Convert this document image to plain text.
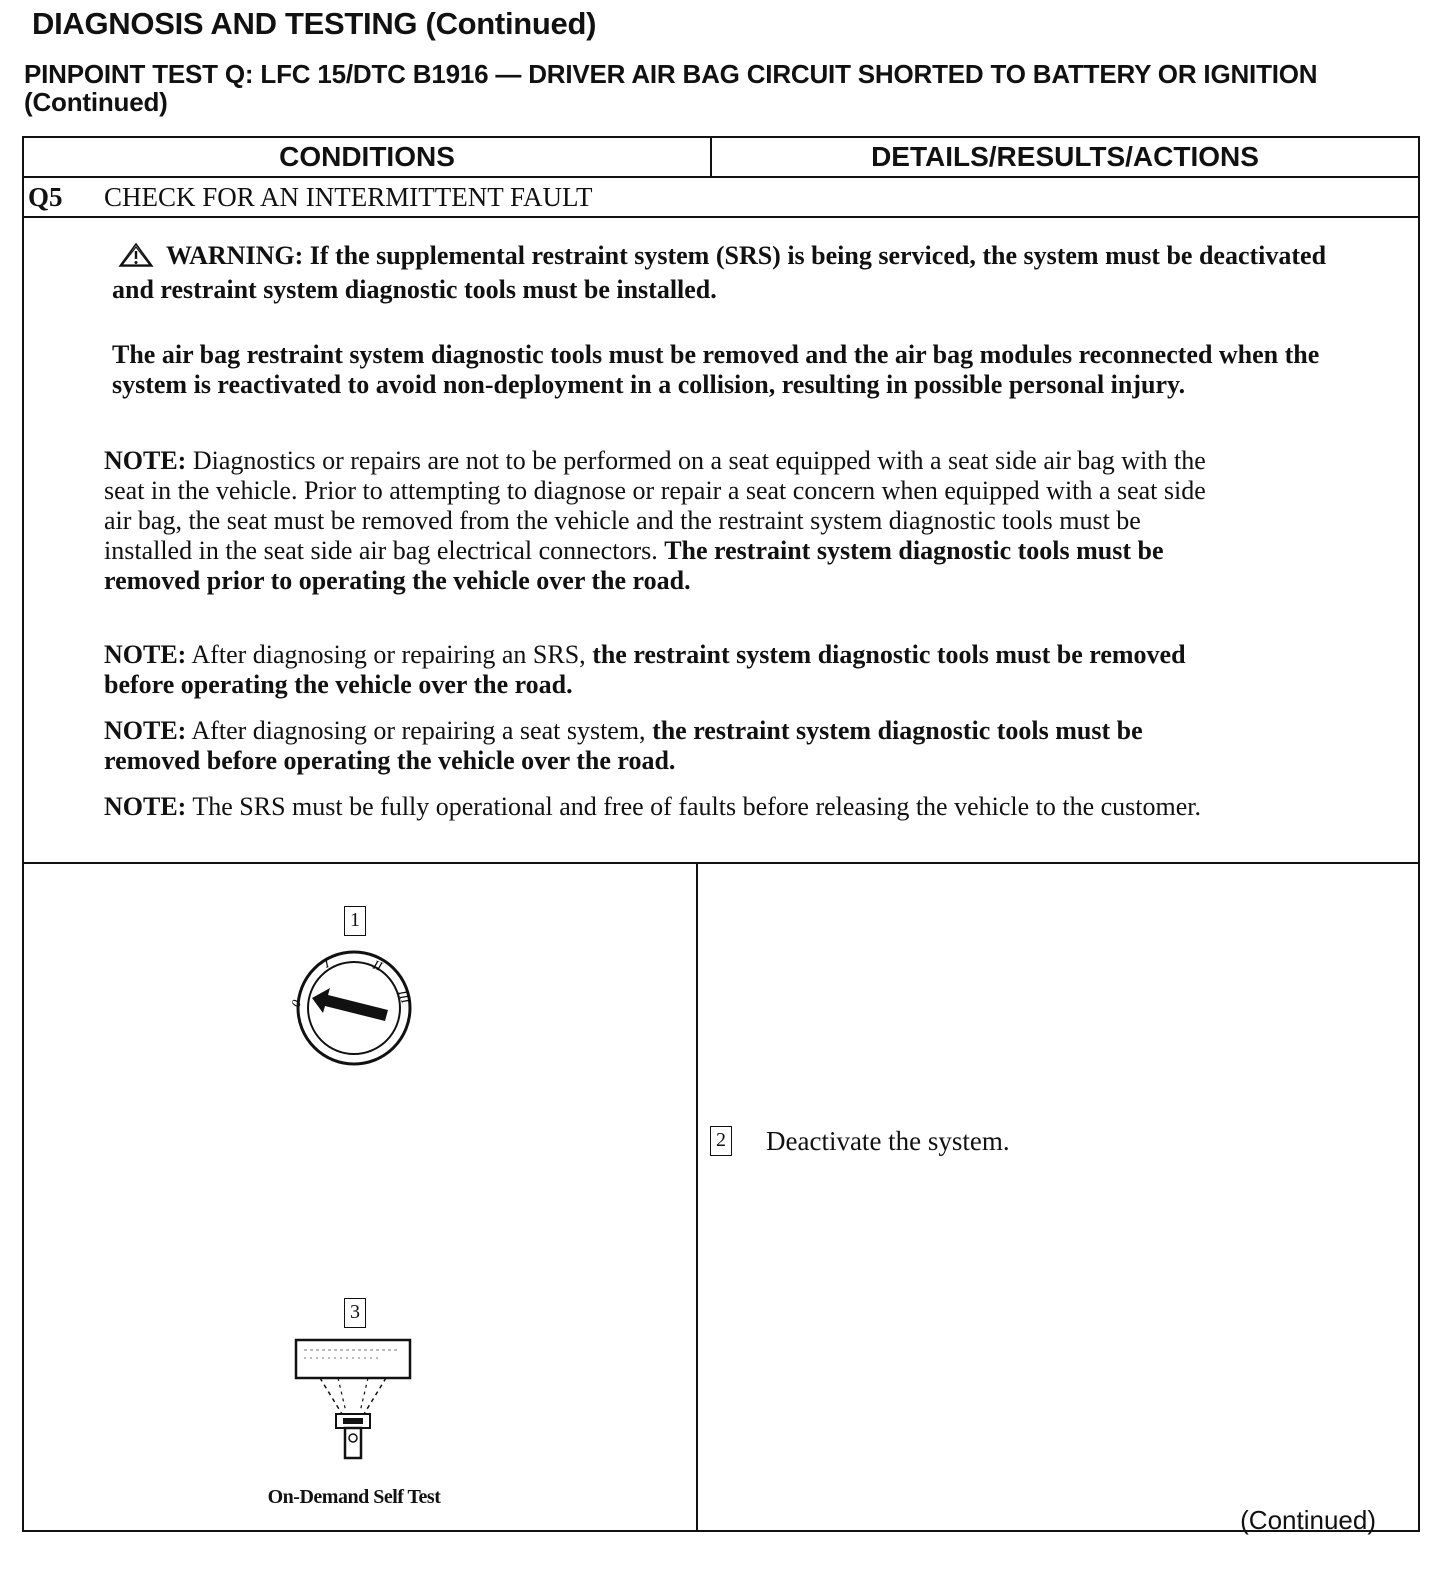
DIAGNOSIS AND TESTING (Continued)
PINPOINT TEST Q: LFC 15/DTC B1916 — DRIVER AIR BAG CIRCUIT SHORTED TO BATTERY OR IGNITION (Continued)
CONDITIONS	DETAILS/RESULTS/ACTIONS
Q5 CHECK FOR AN INTERMITTENT FAULT
WARNING: If the supplemental restraint system (SRS) is being serviced, the system must be deactivated and restraint system diagnostic tools must be installed.
The air bag restraint system diagnostic tools must be removed and the air bag modules reconnected when the system is reactivated to avoid non-deployment in a collision, resulting in possible personal injury.
NOTE: Diagnostics or repairs are not to be performed on a seat equipped with a seat side air bag with the seat in the vehicle. Prior to attempting to diagnose or repair a seat concern when equipped with a seat side air bag, the seat must be removed from the vehicle and the restraint system diagnostic tools must be installed in the seat side air bag electrical connectors. The restraint system diagnostic tools must be removed prior to operating the vehicle over the road.
NOTE: After diagnosing or repairing an SRS, the restraint system diagnostic tools must be removed before operating the vehicle over the road.
NOTE: After diagnosing or repairing a seat system, the restraint system diagnostic tools must be removed before operating the vehicle over the road.
NOTE: The SRS must be fully operational and free of faults before releasing the vehicle to the customer.
1
0
I	II
III
3
On-Demand Self Test
2 Deactivate the system.
(Continued)
